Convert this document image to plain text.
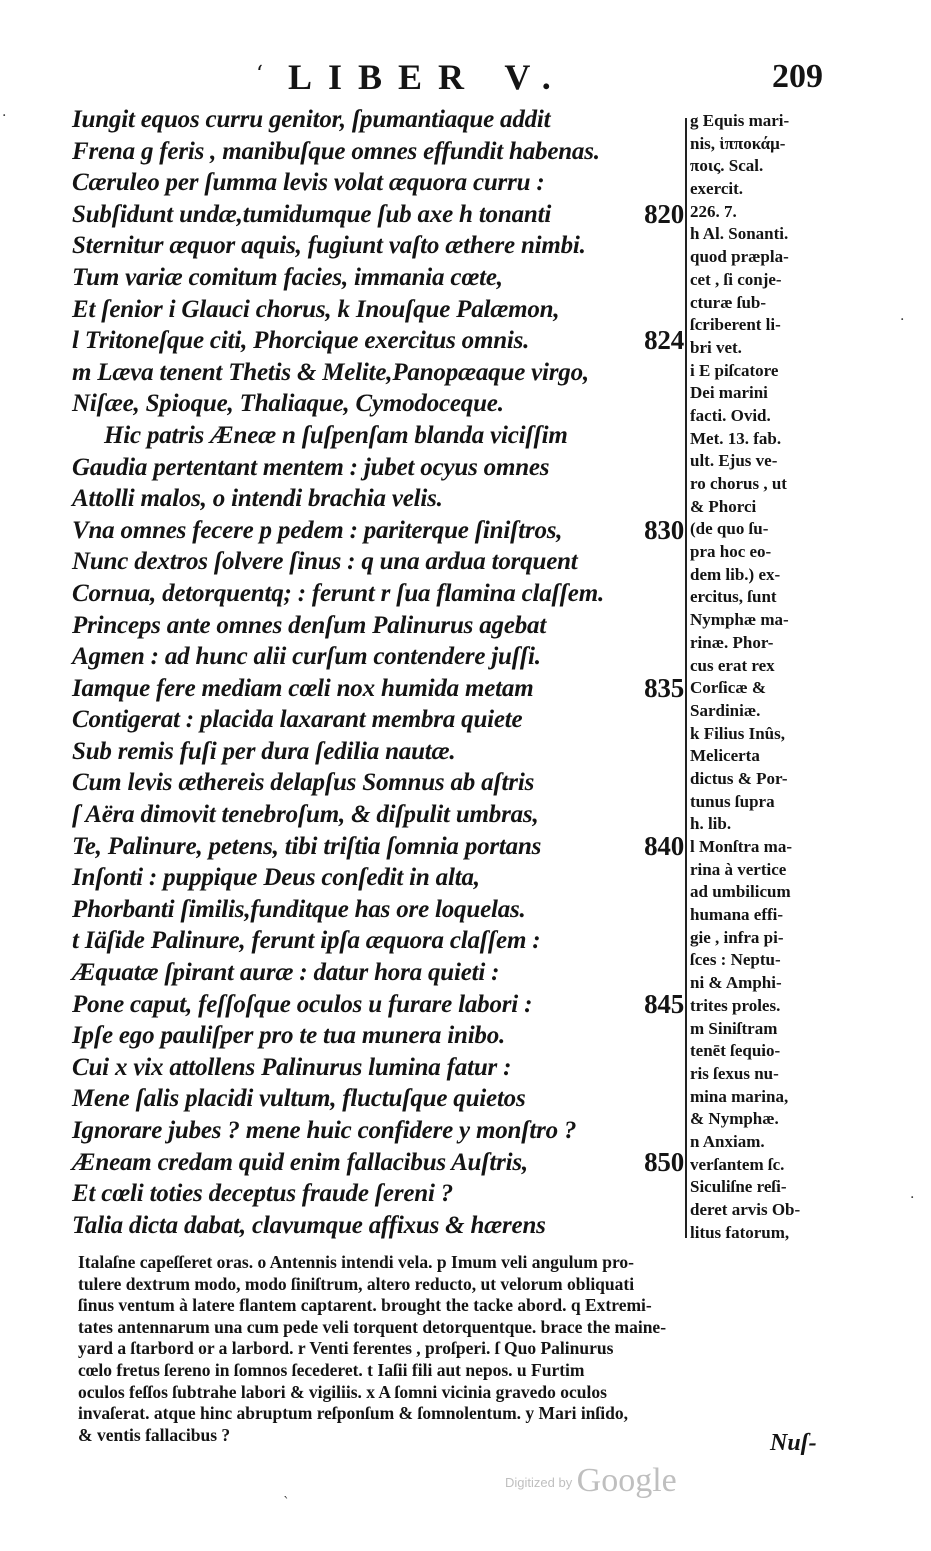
‘ LIBER V.	209
Iungit equos curru genitor, ſpumantiaque addit
Frena g feris , manibuſque omnes effundit habenas.
Cæruleo per ſumma levis volat æquora curru :
Subſidunt undæ,tumidumque ſub axe h tonanti	820
Sternitur æquor aquis, fugiunt vaſto æthere nimbi.
Tum variæ comitum facies, immania cœte,
Et ſenior i Glauci chorus, k Inouſque Palæmon,
l Tritoneſque citi, Phorcique exercitus omnis.	824
m Læva tenent Thetis & Melite,Panopæaque virgo,
Niſæe, Spioque, Thaliaque, Cymodoceque.
Hic patris Æneæ n ſuſpenſam blanda viciſſim
Gaudia pertentant mentem : jubet ocyus omnes
Attolli malos, o intendi brachia velis.
Vna omnes fecere p pedem : pariterque ſiniſtros,	830
Nunc dextros ſolvere ſinus : q una ardua torquent
Cornua, detorquentq; : ferunt r ſua flamina claſſem.
Princeps ante omnes denſum Palinurus agebat
Agmen : ad hunc alii curſum contendere juſſi.
Iamque fere mediam cœli nox humida metam	835
Contigerat : placida laxarant membra quiete
Sub remis fuſi per dura ſedilia nautæ.
Cum levis æthereis delapſus Somnus ab aſtris
ſ Aëra dimovit tenebroſum, & diſpulit umbras,
Te, Palinure, petens, tibi triſtia ſomnia portans	840
Inſonti : puppique Deus conſedit in alta,
Phorbanti ſimilis,funditque has ore loquelas.
t Iäſide Palinure, ferunt ipſa æquora claſſem :
Æquatæ ſpirant auræ : datur hora quieti :
Pone caput, feſſoſque oculos u furare labori :	845
Ipſe ego pauliſper pro te tua munera inibo.
Cui x vix attollens Palinurus lumina fatur :
Mene ſalis placidi vultum, fluctuſque quietos
Ignorare jubes ? mene huic confidere y monſtro ?
Æneam credam quid enim fallacibus Auſtris,	850
Et cœli toties deceptus fraude ſereni ?
Talia dicta dabat, clavumque affixus & hærens
g Equis mari-
nis, ἱπποκάμ-
ποις. Scal.
exercit.
226. 7.
h Al. Sonanti.
quod præpla-
cet , ſi conje-
cturæ ſub-
ſcriberent li-
bri vet.
i E piſcatore
Dei marini
facti. Ovid.
Met. 13. fab.
ult. Ejus ve-
ro chorus , ut
& Phorci
(de quo ſu-
pra hoc eo-
dem lib.) ex-
ercitus, ſunt
Nymphæ ma-
rinæ. Phor-
cus erat rex
Corſicæ &
Sardiniæ.
k Filius Inûs,
Melicerta
dictus & Por-
tunus ſupra
h. lib.
l Monſtra ma-
rina à vertice
ad umbilicum
humana effi-
gie , infra pi-
ſces : Neptu-
ni & Amphi-
trites proles.
m Siniſtram
tenēt ſequio-
ris ſexus nu-
mina marina,
& Nymphæ.
n Anxiam.
verſantem ſc.
Siculiſne reſi-
deret arvis Ob-
litus fatorum,
Italaſne capeſſeret oras. o Antennis intendi vela. p Imum veli angulum pro-
tulere dextrum modo, modo ſiniſtrum, altero reducto, ut velorum obliquati
ſinus ventum à latere flantem captarent. brought the tacke abord. q Extremi-
tates antennarum una cum pede veli torquent detorquentque. brace the maine-
yard a ſtarbord or a larbord. r Venti ferentes , proſperi. ſ Quo Palinurus
cœlo fretus ſereno in ſomnos ſecederet. t Iaſii fili aut nepos. u Furtim
oculos feſſos ſubtrahe labori & vigiliis. x A ſomni vicinia gravedo oculos
invaſerat. atque hinc abruptum reſponſum & ſomnolentum. y Mari inſido,
& ventis fallacibus ?	Nuſ-
$^{Digitized by}$ Google
·
·
·
ˋ
